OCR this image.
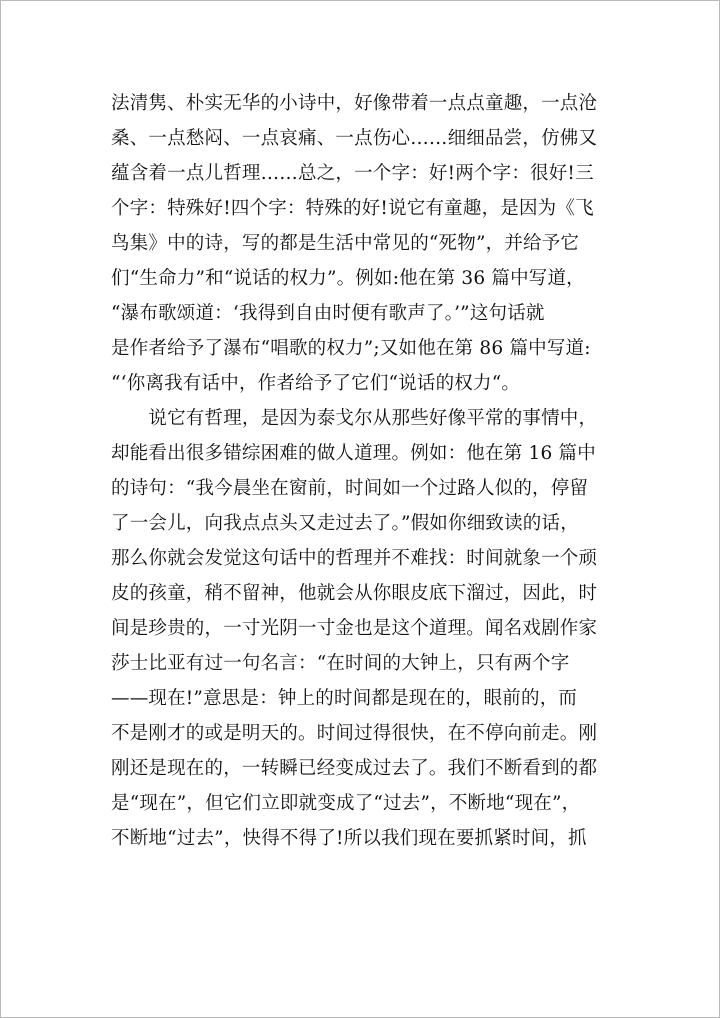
法清隽、朴实无华的小诗中，好像带着一点点童趣，一点沧
桑、一点愁闷、一点哀痛、一点伤心……细细品尝，仿佛又
蕴含着一点儿哲理……总之，一个字：好!两个字：很好!三
个字：特殊好!四个字：特殊的好!说它有童趣，是因为《飞
鸟集》中的诗，写的都是生活中常见的“死物”，并给予它
们“生命力”和“说话的权力”。例如:他在第 36 篇中写道，
“瀑布歌颂道：‘我得到自由时便有歌声了。’”这句话就
是作者给予了瀑布“唱歌的权力”;又如他在第 86 篇中写道:
“‘你离我有话中，作者给予了它们“说话的权力“。
　　说它有哲理，是因为泰戈尔从那些好像平常的事情中，
却能看出很多错综困难的做人道理。例如：他在第 16 篇中
的诗句：“我今晨坐在窗前，时间如一个过路人似的，停留
了一会儿，向我点点头又走过去了。”假如你细致读的话，
那么你就会发觉这句话中的哲理并不难找：时间就象一个顽
皮的孩童，稍不留神，他就会从你眼皮底下溜过，因此，时
间是珍贵的，一寸光阴一寸金也是这个道理。闻名戏剧作家
莎士比亚有过一句名言：“在时间的大钟上，只有两个字
——现在!”意思是：钟上的时间都是现在的，眼前的，而
不是刚才的或是明天的。时间过得很快，在不停向前走。刚
刚还是现在的，一转瞬已经变成过去了。我们不断看到的都
是“现在”，但它们立即就变成了“过去”，不断地“现在”，
不断地“过去”，快得不得了!所以我们现在要抓紧时间，抓
